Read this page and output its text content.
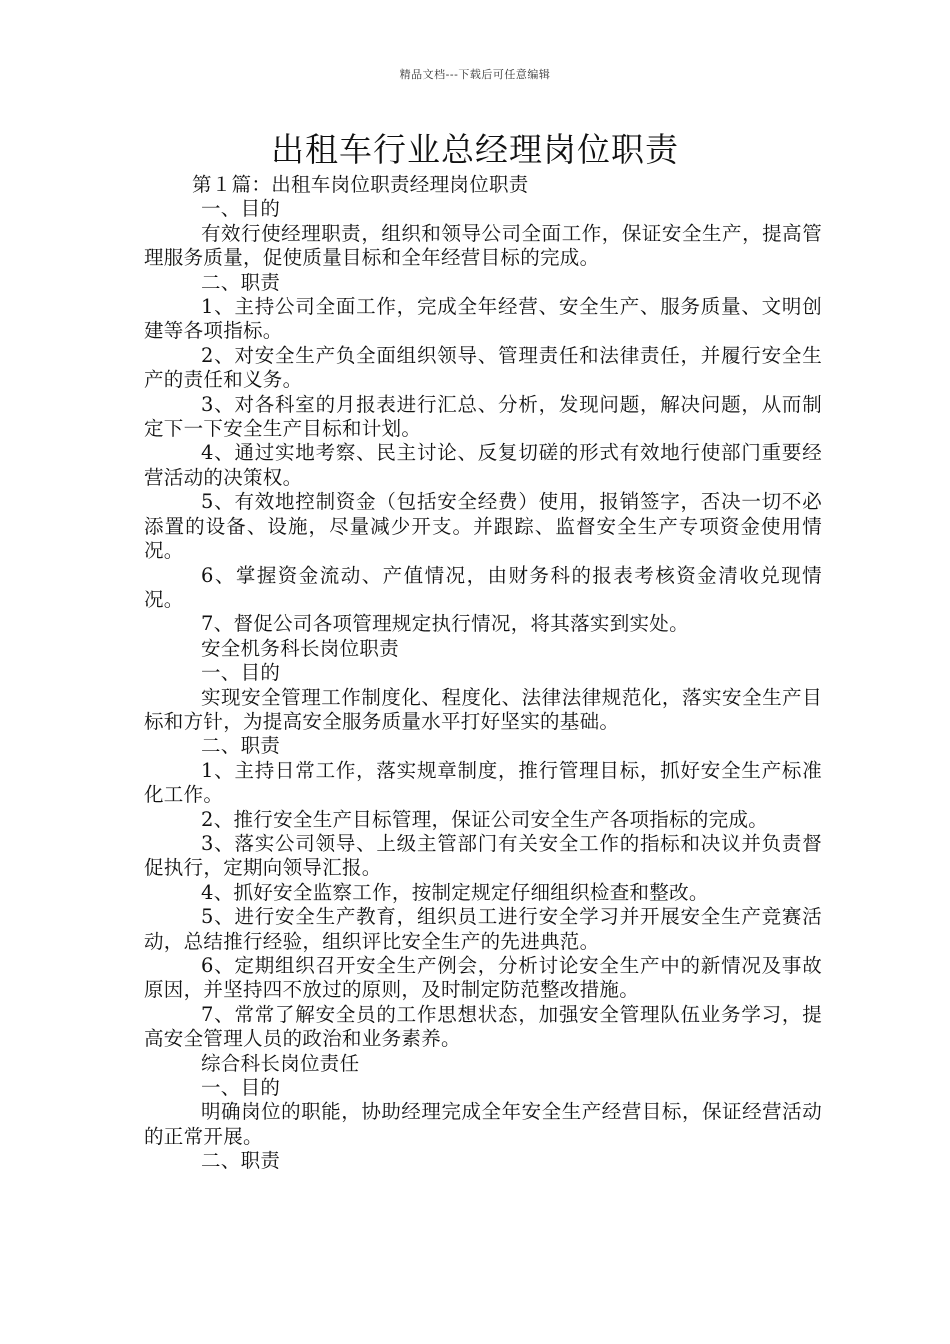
精品文档---下载后可任意编辑
出租车行业总经理岗位职责

第１篇：出租车岗位职责经理岗位职责

一、目的

有效行使经理职责，组织和领导公司全面工作，保证安全生产，提高管理服务质量，促使质量目标和全年经营目标的完成。

二、职责

1、主持公司全面工作，完成全年经营、安全生产、服务质量、文明创建等各项指标。

2、对安全生产负全面组织领导、管理责任和法律责任，并履行安全生产的责任和义务。

3、对各科室的月报表进行汇总、分析，发现问题，解决问题，从而制定下一下安全生产目标和计划。

4、通过实地考察、民主讨论、反复切磋的形式有效地行使部门重要经营活动的决策权。

5、有效地控制资金（包括安全经费）使用，报销签字，否决一切不必添置的设备、设施，尽量减少开支。并跟踪、监督安全生产专项资金使用情况。

6、掌握资金流动、产值情况，由财务科的报表考核资金清收兑现情况。

7、督促公司各项管理规定执行情况，将其落实到实处。

安全机务科长岗位职责

一、目的

实现安全管理工作制度化、程度化、法律法律规范化，落实安全生产目标和方针，为提高安全服务质量水平打好坚实的基础。

二、职责

1、主持日常工作，落实规章制度，推行管理目标，抓好安全生产标准化工作。

2、推行安全生产目标管理，保证公司安全生产各项指标的完成。

3、落实公司领导、上级主管部门有关安全工作的指标和决议并负责督促执行，定期向领导汇报。

4、抓好安全监察工作，按制定规定仔细组织检查和整改。

5、进行安全生产教育，组织员工进行安全学习并开展安全生产竞赛活动，总结推行经验，组织评比安全生产的先进典范。

6、定期组织召开安全生产例会，分析讨论安全生产中的新情况及事故原因，并坚持四不放过的原则，及时制定防范整改措施。

7、常常了解安全员的工作思想状态，加强安全管理队伍业务学习，提高安全管理人员的政治和业务素养。

综合科长岗位责任

一、目的

明确岗位的职能，协助经理完成全年安全生产经营目标，保证经营活动的正常开展。

二、职责
